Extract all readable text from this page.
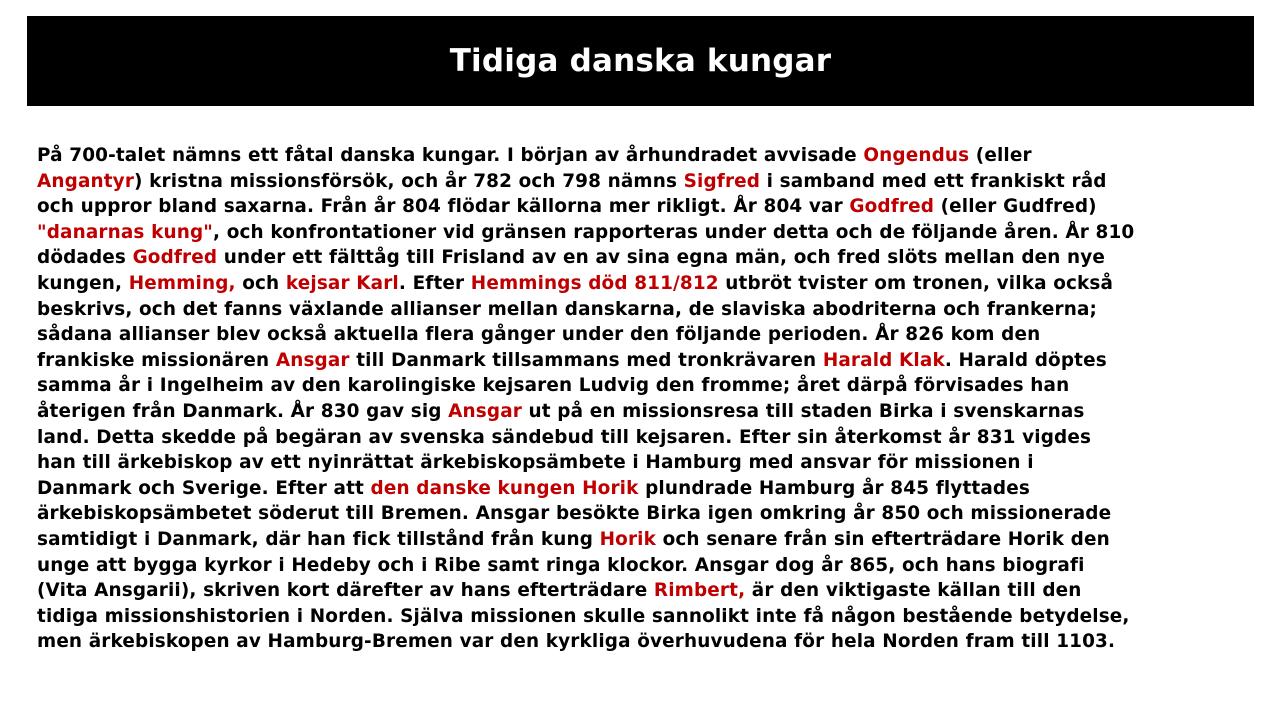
Tidiga danska kungar
På 700-talet nämns ett fåtal danska kungar. I början av århundradet avvisade Ongendus (eller
Angantyr) kristna missionsförsök, och år 782 och 798 nämns Sigfred i samband med ett frankiskt råd
och uppror bland saxarna. Från år 804 flödar källorna mer rikligt. År 804 var Godfred (eller Gudfred)
"danarnas kung", och konfrontationer vid gränsen rapporteras under detta och de följande åren. År 810
dödades Godfred under ett fälttåg till Frisland av en av sina egna män, och fred slöts mellan den nye
kungen, Hemming, och kejsar Karl. Efter Hemmings död 811/812 utbröt tvister om tronen, vilka också
beskrivs, och det fanns växlande allianser mellan danskarna, de slaviska abodriterna och frankerna;
sådana allianser blev också aktuella flera gånger under den följande perioden. År 826 kom den
frankiske missionären Ansgar till Danmark tillsammans med tronkrävaren Harald Klak. Harald döptes
samma år i Ingelheim av den karolingiske kejsaren Ludvig den fromme; året därpå förvisades han
återigen från Danmark. År 830 gav sig Ansgar ut på en missionsresa till staden Birka i svenskarnas
land. Detta skedde på begäran av svenska sändebud till kejsaren. Efter sin återkomst år 831 vigdes
han till ärkebiskop av ett nyinrättat ärkebiskopsämbete i Hamburg med ansvar för missionen i
Danmark och Sverige. Efter att den danske kungen Horik plundrade Hamburg år 845 flyttades
ärkebiskopsämbetet söderut till Bremen. Ansgar besökte Birka igen omkring år 850 och missionerade
samtidigt i Danmark, där han fick tillstånd från kung Horik och senare från sin efterträdare Horik den
unge att bygga kyrkor i Hedeby och i Ribe samt ringa klockor. Ansgar dog år 865, och hans biografi
(Vita Ansgarii), skriven kort därefter av hans efterträdare Rimbert, är den viktigaste källan till den
tidiga missionshistorien i Norden. Själva missionen skulle sannolikt inte få någon bestående betydelse,
men ärkebiskopen av Hamburg-Bremen var den kyrkliga överhuvudena för hela Norden fram till 1103.
